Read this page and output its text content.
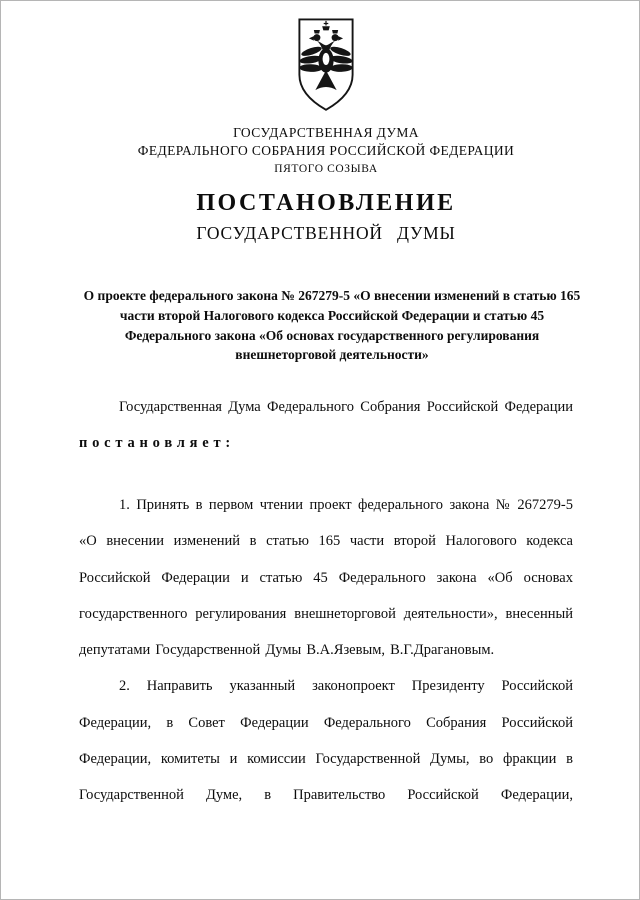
ГОСУДАРСТВЕННАЯ ДУМА
ФЕДЕРАЛЬНОГО СОБРАНИЯ РОССИЙСКОЙ ФЕДЕРАЦИИ
ПЯТОГО СОЗЫВА
ПОСТАНОВЛЕНИЕ
ГОСУДАРСТВЕННОЙ ДУМЫ
О проекте федерального закона № 267279-5 «О внесении изменений в статью 165 части второй Налогового кодекса Российской Федерации и статью 45 Федерального закона «Об основах государственного регулирования внешнеторговой деятельности»

Государственная Дума Федерального Собрания Российской Федерации постановляет:

1. Принять в первом чтении проект федерального закона № 267279-5 «О внесении изменений в статью 165 части второй Налогового кодекса Российской Федерации и статью 45 Федерального закона «Об основах государственного регулирования внешнеторговой деятельности», внесенный депутатами Государственной Думы В.А.Язевым, В.Г.Драгановым.

2. Направить указанный законопроект Президенту Российской Федерации, в Совет Федерации Федерального Собрания Российской Федерации, комитеты и комиссии Государственной Думы, во фракции в Государственной Думе, в Правительство Российской Федерации,
